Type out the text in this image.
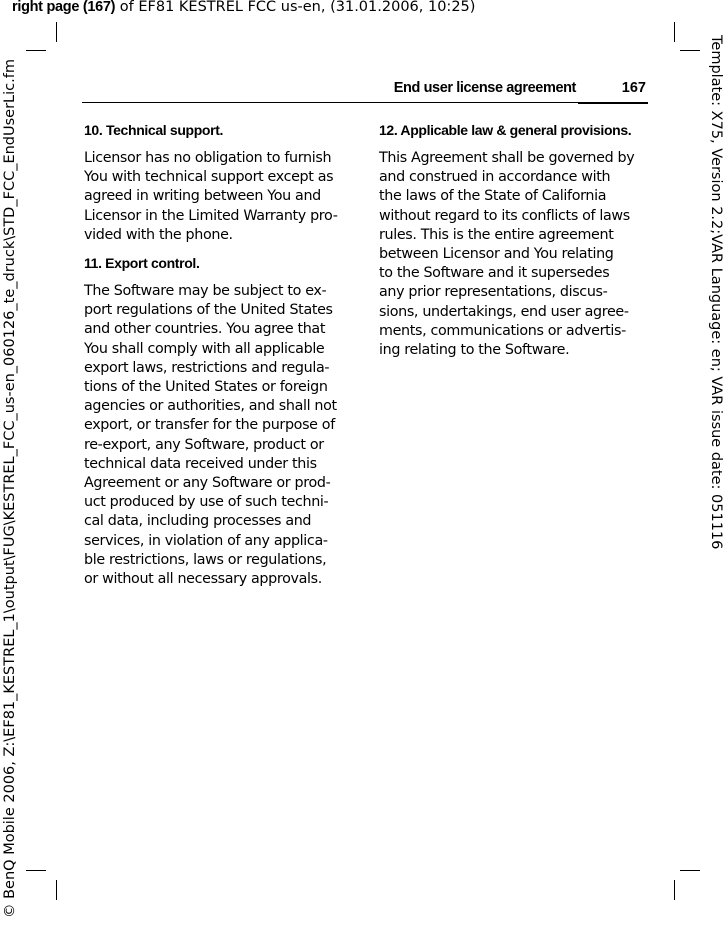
right page (167) of EF81 KESTREL FCC us-en, (31.01.2006, 10:25)
© BenQ Mobile 2006, Z:\EF81_KESTREL_1\output\FUG\KESTREL_FCC_us-en_060126_te_druck\STD_FCC_EndUserLic.fm	Template: X75, Version 2.2;VAR Language: en; VAR issue date: 051116
End user license agreement	167
10. Technical support.

Licensor has no obligation to furnish
You with technical support except as
agreed in writing between You and
Licensor in the Limited Warranty pro-
vided with the phone.

11. Export control.

The Software may be subject to ex-
port regulations of the United States
and other countries. You agree that
You shall comply with all applicable
export laws, restrictions and regula-
tions of the United States or foreign
agencies or authorities, and shall not
export, or transfer for the purpose of
re-export, any Software, product or
technical data received under this
Agreement or any Software or prod-
uct produced by use of such techni-
cal data, including processes and
services, in violation of any applica-
ble restrictions, laws or regulations,
or without all necessary approvals.

12. Applicable law & general provisions.

This Agreement shall be governed by
and construed in accordance with
the laws of the State of California
without regard to its conflicts of laws
rules. This is the entire agreement
between Licensor and You relating
to the Software and it supersedes
any prior representations, discus-
sions, undertakings, end user agree-
ments, communications or advertis-
ing relating to the Software.
